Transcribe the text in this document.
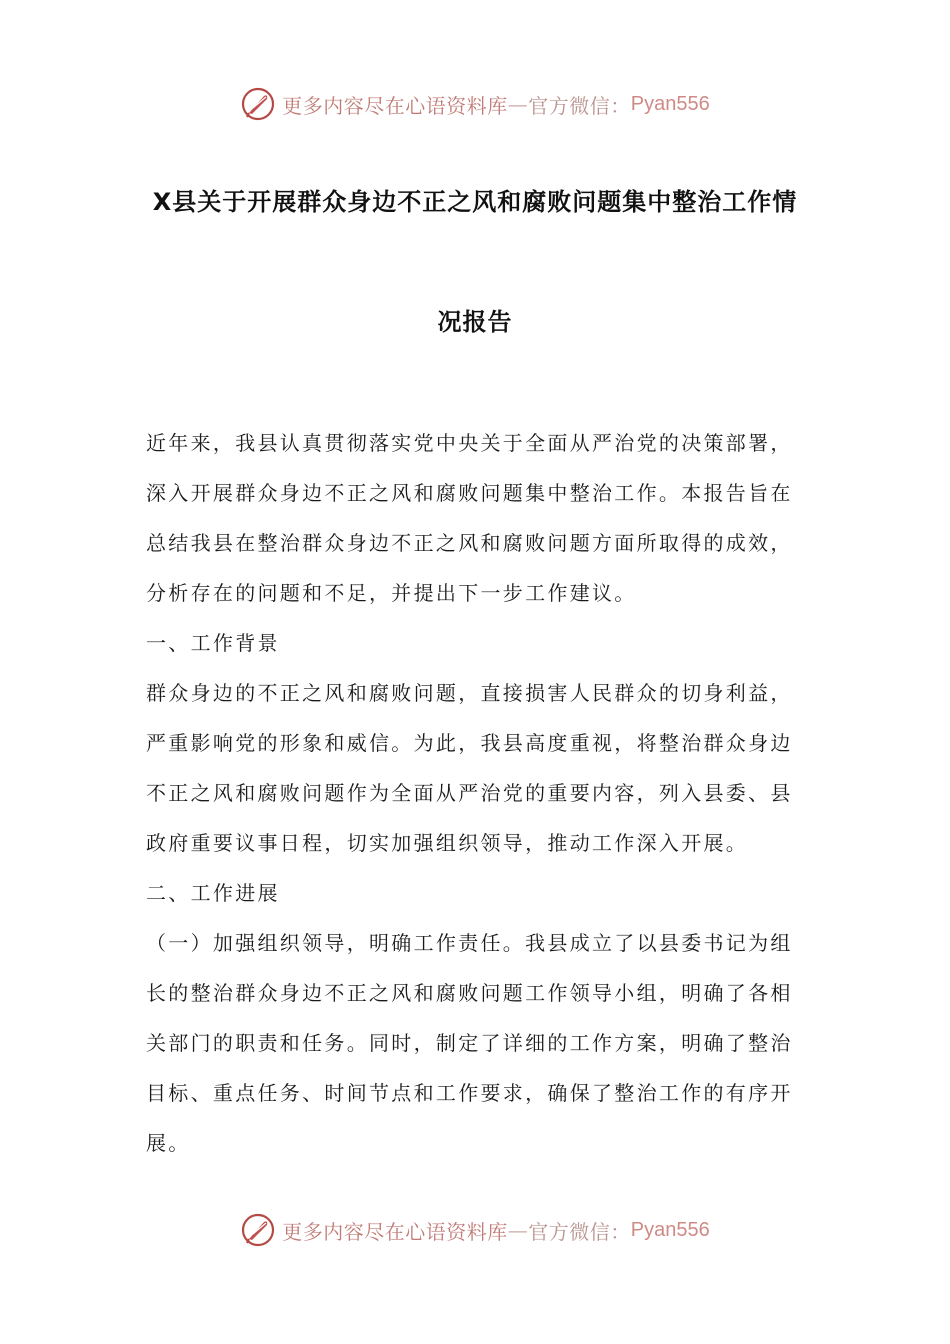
更多内容尽在心语资料库 — 官方微信： Pyan556
X县关于开展群众身边不正之风和腐败问题集中整治工作情
况报告

近年来，我县认真贯彻落实党中央关于全面从严治党的决策部署，深入开展群众身边不正之风和腐败问题集中整治工作。本报告旨在总结我县在整治群众身边不正之风和腐败问题方面所取得的成效，分析存在的问题和不足，并提出下一步工作建议。

一、工作背景

群众身边的不正之风和腐败问题，直接损害人民群众的切身利益，严重影响党的形象和威信。为此，我县高度重视，将整治群众身边不正之风和腐败问题作为全面从严治党的重要内容，列入县委、县政府重要议事日程，切实加强组织领导，推动工作深入开展。

二、工作进展

（一）加强组织领导，明确工作责任。我县成立了以县委书记为组长的整治群众身边不正之风和腐败问题工作领导小组，明确了各相关部门的职责和任务。同时，制定了详细的工作方案，明确了整治目标、重点任务、时间节点和工作要求，确保了整治工作的有序开展。

更多内容尽在心语资料库 — 官方微信： Pyan556
